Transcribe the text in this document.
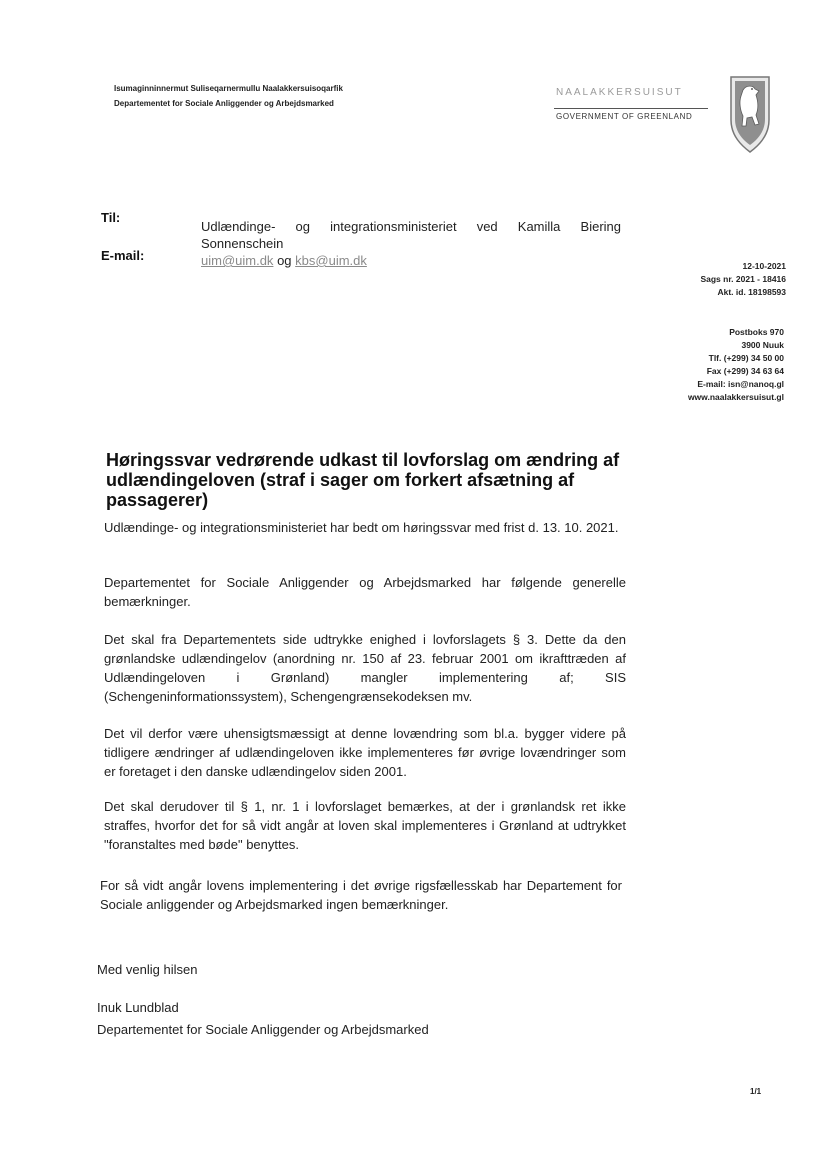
Isumaginninnermut Suliseqarnermullu Naalakkersuisoqarfik
Departementet for Sociale Anliggender og Arbejdsmarked
NAALAKKERSUISUT
GOVERNMENT OF GREENLAND
Til:
Udlændinge- og integrationsministeriet ved Kamilla Biering Sonnenschein
E-mail:	uim@uim.dk og kbs@uim.dk	12-10-2021
Sags nr. 2021 - 18416
Akt. id. 18198593
Postboks 970
3900 Nuuk
Tlf. (+299) 34 50 00
Fax (+299) 34 63 64
E-mail: isn@nanoq.gl
www.naalakkersuisut.gl
Høringssvar vedrørende udkast til lovforslag om ændring af udlændingeloven (straf i sager om forkert afsætning af passagerer)
Udlændinge- og integrationsministeriet har bedt om høringssvar med frist d. 13. 10. 2021.
Departementet for Sociale Anliggender og Arbejdsmarked har følgende generelle bemærkninger.
Det skal fra Departementets side udtrykke enighed i lovforslagets § 3. Dette da den grønlandske udlændingelov (anordning nr. 150 af 23. februar 2001 om ikrafttræden af Udlændingeloven i Grønland) mangler implementering af; SIS (Schengeninformationssystem), Schengengrænsekodeksen mv.
Det vil derfor være uhensigtsmæssigt at denne lovændring som bl.a. bygger videre på tidligere ændringer af udlændingeloven ikke implementeres før øvrige lovændringer som er foretaget i den danske udlændingelov siden 2001.
Det skal derudover til § 1, nr. 1 i lovforslaget bemærkes, at der i grønlandsk ret ikke straffes, hvorfor det for så vidt angår at loven skal implementeres i Grønland at udtrykket "foranstaltes med bøde" benyttes.
For så vidt angår lovens implementering i det øvrige rigsfællesskab har Departement for Sociale anliggender og Arbejdsmarked ingen bemærkninger.
Med venlig hilsen
Inuk Lundblad
Departementet for Sociale Anliggender og Arbejdsmarked
1/1
